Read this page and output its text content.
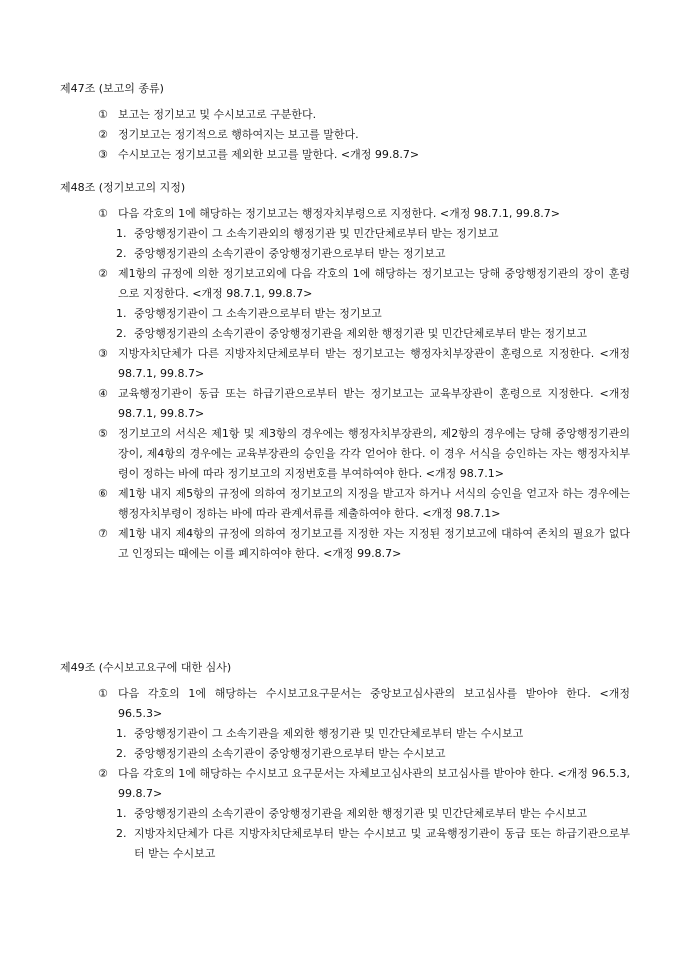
제47조 (보고의 종류)
① 보고는 정기보고 및 수시보고로 구분한다.
② 정기보고는 정기적으로 행하여지는 보고를 말한다.
③ 수시보고는 정기보고를 제외한 보고를 말한다. <개정 99.8.7>
제48조 (정기보고의 지정)
① 다음 각호의 1에 해당하는 정기보고는 행정자치부령으로 지정한다. <개정 98.7.1, 99.8.7>
1. 중앙행정기관이 그 소속기관외의 행정기관 및 민간단체로부터 받는 정기보고
2. 중앙행정기관의 소속기관이 중앙행정기관으로부터 받는 정기보고
② 제1항의 규정에 의한 정기보고외에 다음 각호의 1에 해당하는 정기보고는 당해 중앙행정기관의 장이 훈령으로 지정한다. <개정 98.7.1, 99.8.7>
1. 중앙행정기관이 그 소속기관으로부터 받는 정기보고
2. 중앙행정기관의 소속기관이 중앙행정기관을 제외한 행정기관 및 민간단체로부터 받는 정기보고
③ 지방자치단체가 다른 지방자치단체로부터 받는 정기보고는 행정자치부장관이 훈령으로 지정한다. <개정 98.7.1, 99.8.7>
④ 교육행정기관이 동급 또는 하급기관으로부터 받는 정기보고는 교육부장관이 훈령으로 지정한다. <개정 98.7.1, 99.8.7>
⑤ 정기보고의 서식은 제1항 및 제3항의 경우에는 행정자치부장관의, 제2항의 경우에는 당해 중앙행정기관의 장이, 제4항의 경우에는 교육부장관의 승인을 각각 얻어야 한다. 이 경우 서식을 승인하는 자는 행정자치부령이 정하는 바에 따라 정기보고의 지정번호를 부여하여야 한다. <개정 98.7.1>
⑥ 제1항 내지 제5항의 규정에 의하여 정기보고의 지정을 받고자 하거나 서식의 승인을 얻고자 하는 경우에는 행정자치부령이 정하는 바에 따라 관계서류를 제출하여야 한다. <개정 98.7.1>
⑦ 제1항 내지 제4항의 규정에 의하여 정기보고를 지정한 자는 지정된 정기보고에 대하여 존치의 필요가 없다고 인정되는 때에는 이를 폐지하여야 한다. <개정 99.8.7>
제49조 (수시보고요구에 대한 심사)
① 다음 각호의 1에 해당하는 수시보고요구문서는 중앙보고심사관의 보고심사를 받아야 한다. <개정 96.5.3>
1. 중앙행정기관이 그 소속기관을 제외한 행정기관 및 민간단체로부터 받는 수시보고
2. 중앙행정기관의 소속기관이 중앙행정기관으로부터 받는 수시보고
② 다음 각호의 1에 해당하는 수시보고 요구문서는 자체보고심사관의 보고심사를 받아야 한다. <개정 96.5.3, 99.8.7>
1. 중앙행정기관의 소속기관이 중앙행정기관을 제외한 행정기관 및 민간단체로부터 받는 수시보고
2. 지방자치단체가 다른 지방자치단체로부터 받는 수시보고 및 교육행정기관이 동급 또는 하급기관으로부터 받는 수시보고
